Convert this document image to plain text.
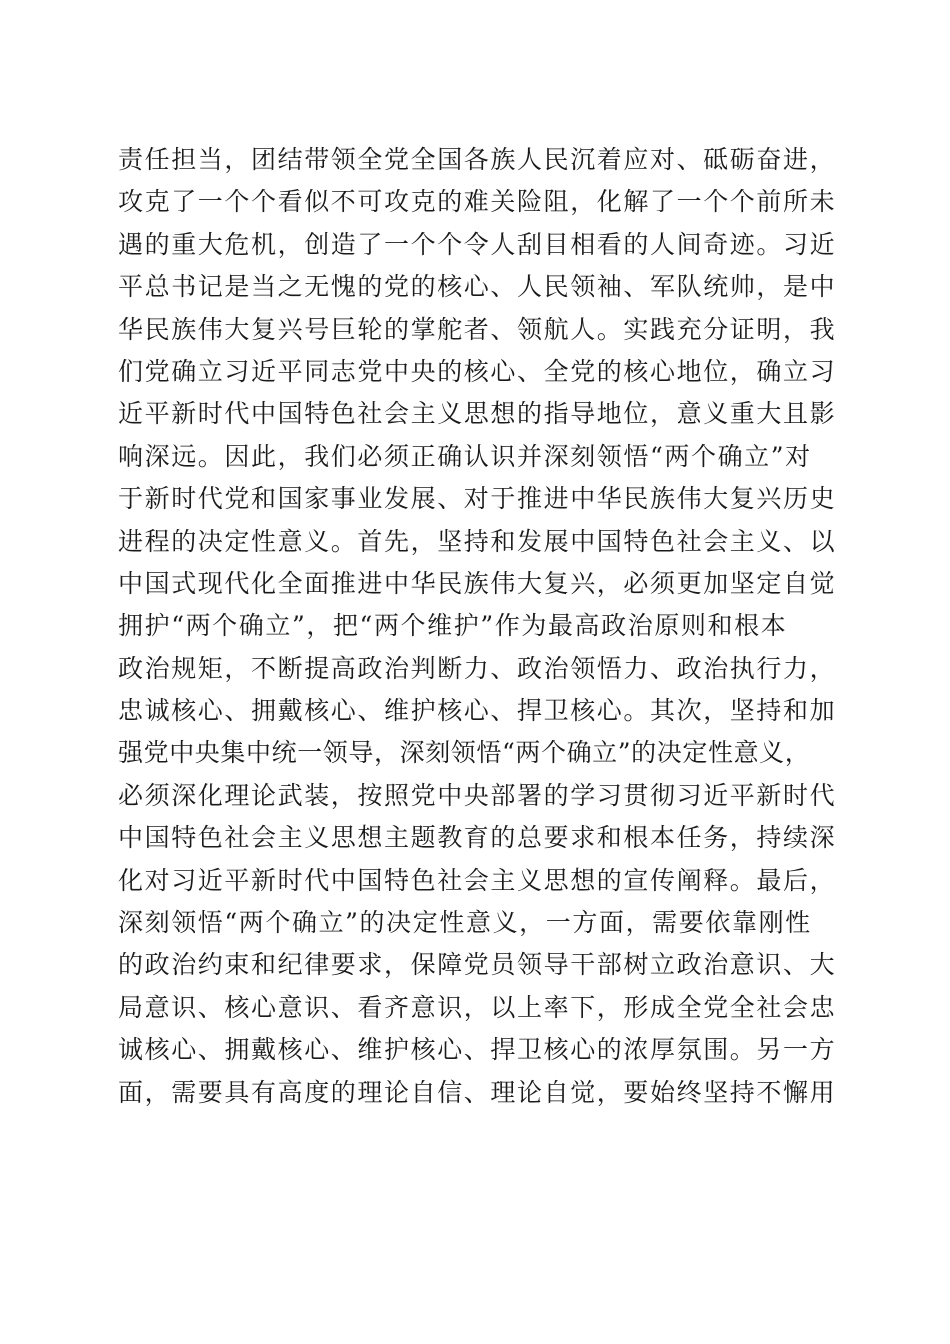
责任担当，团结带领全党全国各族人民沉着应对、砥砺奋进，
攻克了一个个看似不可攻克的难关险阻，化解了一个个前所未
遇的重大危机，创造了一个个令人刮目相看的人间奇迹。习近
平总书记是当之无愧的党的核心、人民领袖、军队统帅，是中
华民族伟大复兴号巨轮的掌舵者、领航人。实践充分证明，我
们党确立习近平同志党中央的核心、全党的核心地位，确立习
近平新时代中国特色社会主义思想的指导地位，意义重大且影
响深远。因此，我们必须正确认识并深刻领悟“两个确立”对
于新时代党和国家事业发展、对于推进中华民族伟大复兴历史
进程的决定性意义。首先，坚持和发展中国特色社会主义、以
中国式现代化全面推进中华民族伟大复兴，必须更加坚定自觉
拥护“两个确立”，把“两个维护”作为最高政治原则和根本
政治规矩，不断提高政治判断力、政治领悟力、政治执行力，
忠诚核心、拥戴核心、维护核心、捍卫核心。其次，坚持和加
强党中央集中统一领导，深刻领悟“两个确立”的决定性意义，
必须深化理论武装，按照党中央部署的学习贯彻习近平新时代
中国特色社会主义思想主题教育的总要求和根本任务，持续深
化对习近平新时代中国特色社会主义思想的宣传阐释。最后，
深刻领悟“两个确立”的决定性意义，一方面，需要依靠刚性
的政治约束和纪律要求，保障党员领导干部树立政治意识、大
局意识、核心意识、看齐意识，以上率下，形成全党全社会忠
诚核心、拥戴核心、维护核心、捍卫核心的浓厚氛围。另一方
面，需要具有高度的理论自信、理论自觉，要始终坚持不懈用
